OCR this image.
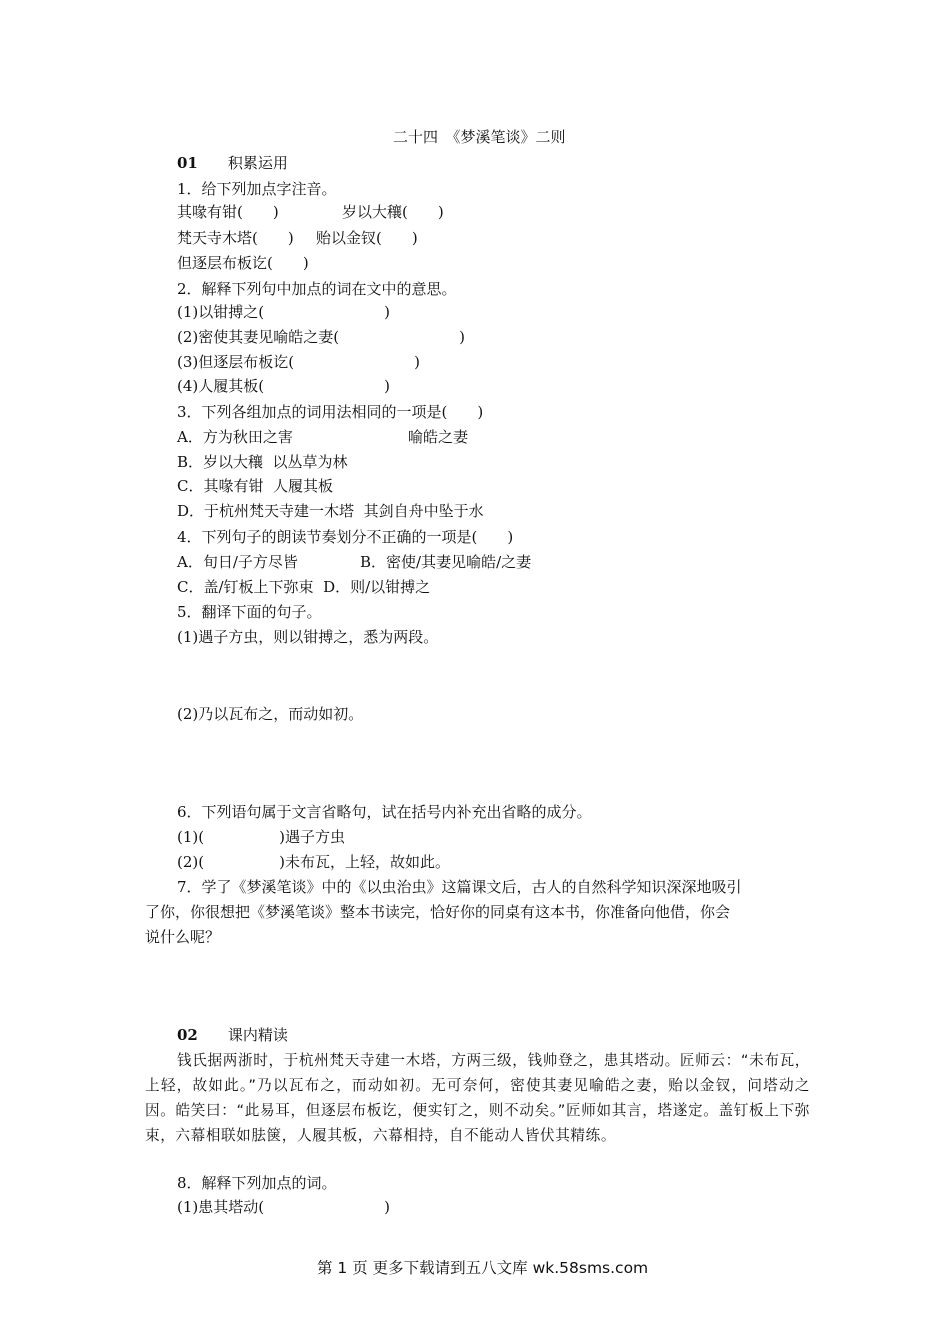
二十四　《梦溪笔谈》二则
01 积累运用
1．给下列加点字注音。
其喙有钳(　　)	岁以大穰(　　)
梵天寺木塔(　　) 贻以金钗(　　)
但逐层布板讫(　　)
2．解释下列句中加点的词在文中的意思。
(1)以钳搏之(　　　　　　　　)
(2)密使其妻见喻皓之妻(　　　　　　　　)
(3)但逐层布板讫(　　　　　　　　)
(4)人履其板(　　　　　　　　)
3．下列各组加点的词用法相同的一项是(　　)
A．方为秋田之害	喻皓之妻
B．岁以大穰  以丛草为林
C．其喙有钳  人履其板
D．于杭州梵天寺建一木塔  其剑自舟中坠于水
4．下列句子的朗读节奏划分不正确的一项是(　　)
A．旬日/子方尽皆	B．密使/其妻见喻皓/之妻
C．盖/钉板上下弥束  D．则/以钳搏之
5．翻译下面的句子。
(1)遇子方虫，则以钳搏之，悉为两段。
(2)乃以瓦布之，而动如初。
6．下列语句属于文言省略句，试在括号内补充出省略的成分。
(1)(　　　　　)遇子方虫
(2)(　　　　　)未布瓦，上轻，故如此。
7．学了《梦溪笔谈》中的《以虫治虫》这篇课文后，古人的自然科学知识深深地吸引
了你，你很想把《梦溪笔谈》整本书读完，恰好你的同桌有这本书，你准备向他借，你会
说什么呢？
02 课内精读
钱氏据两浙时，于杭州梵天寺建一木塔，方两三级，钱帅登之，患其塔动。匠师云：“未布瓦，上轻，故如此。”乃以瓦布之，而动如初。无可奈何，密使其妻见喻皓之妻，贻以金钗，问塔动之因。皓笑曰：“此易耳，但逐层布板讫，便实钉之，则不动矣。”匠师如其言，塔遂定。盖钉板上下弥束，六幕相联如胠箧，人履其板，六幕相持，自不能动人皆伏其精练。
8．解释下列加点的词。
(1)患其塔动(　　　　　　　　)
第 1 页 更多下载请到五八文库 wk.58sms.com
